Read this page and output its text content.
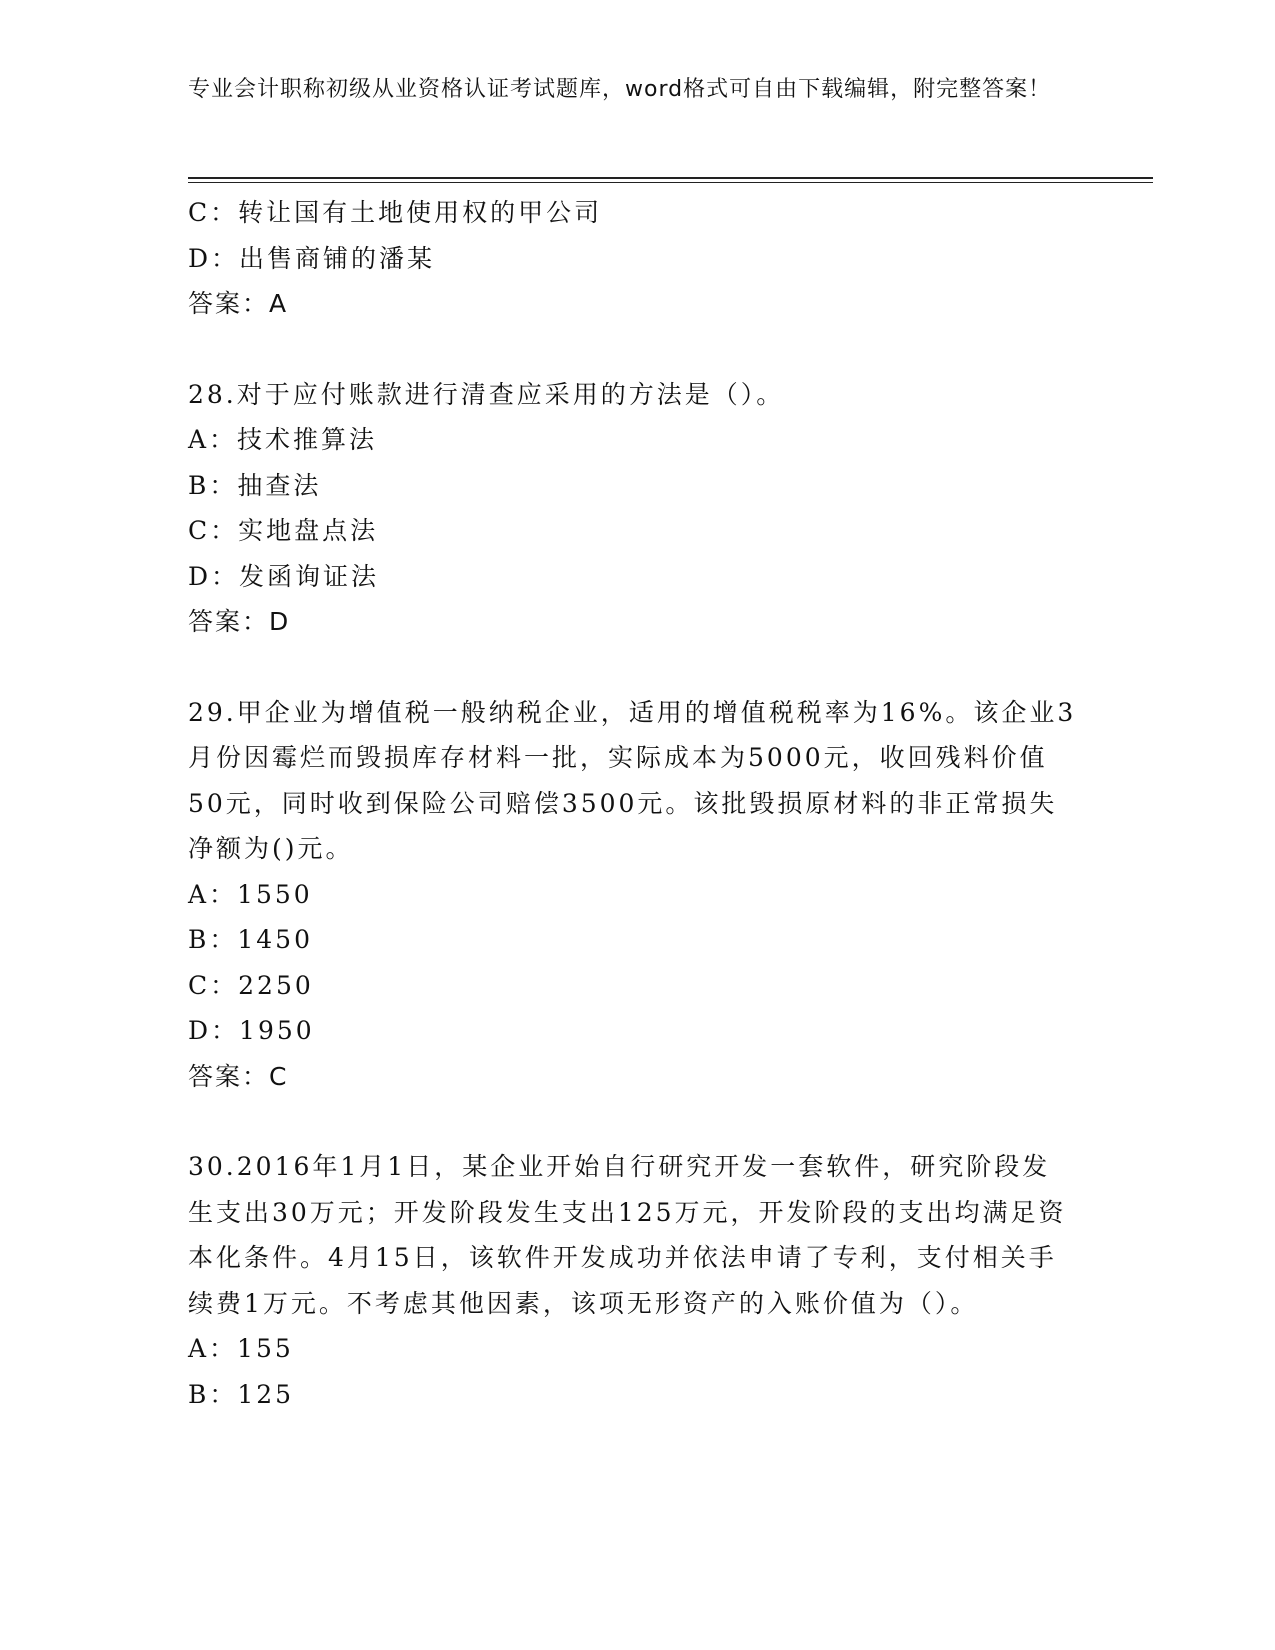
专业会计职称初级从业资格认证考试题库，word格式可自由下载编辑，附完整答案！
C：转让国有土地使用权的甲公司
D：出售商铺的潘某
答案：A
28.对于应付账款进行清查应采用的方法是（）。
A：技术推算法
B：抽查法
C：实地盘点法
D：发函询证法
答案：D
29.甲企业为增值税一般纳税企业，适用的增值税税率为16%。该企业3月份因霉烂而毁损库存材料一批，实际成本为5000元，收回残料价值50元，同时收到保险公司赔偿3500元。该批毁损原材料的非正常损失净额为()元。
A：1550
B：1450
C：2250
D：1950
答案：C
30.2016年1月1日，某企业开始自行研究开发一套软件，研究阶段发生支出30万元；开发阶段发生支出125万元，开发阶段的支出均满足资本化条件。4月15日，该软件开发成功并依法申请了专利，支付相关手续费1万元。不考虑其他因素，该项无形资产的入账价值为（）。
A：155
B：125
